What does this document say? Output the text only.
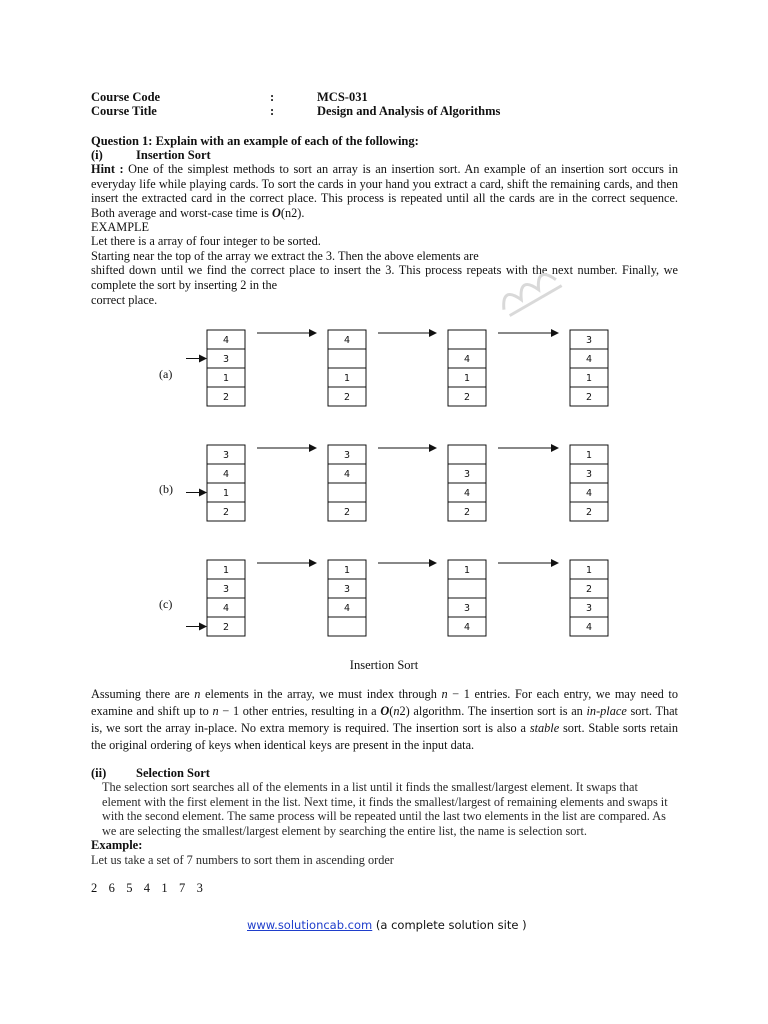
Course Code	:	MCS-031
Course Title	:	Design and Analysis of Algorithms
Question 1: Explain with an example of each of the following:
(i)	Insertion Sort
Hint : One of the simplest methods to sort an array is an insertion sort. An example of an insertion sort occurs in everyday life while playing cards. To sort the cards in your hand you extract a card, shift the remaining cards, and then insert the extracted card in the correct place. This process is repeated until all the cards are in the correct sequence. Both average and worst-case time is O(n2).
EXAMPLE
Let there is a array of four integer to be sorted.
Starting near the top of the array we extract the 3. Then the above elements are
shifted down until we find the correct place to insert the 3. This process repeats with the next number. Finally, we complete the sort by inserting 2 in the
correct place.
(a)
4
3
1
2
4
1
2
4
1
2
3
4
1
2
(b)
3
4
1
2
3
4
2
3
4
2
1
3
4
2
(c)
1
3
4
2
1
3
4
1
3
4
1
2
3
4
Insertion Sort
Assuming there are n elements in the array, we must index through n − 1 entries. For each entry, we may need to examine and shift up to n − 1 other entries, resulting in a O(n2) algorithm. The insertion sort is an in-place sort. That is, we sort the array in-place. No extra memory is required. The insertion sort is also a stable sort. Stable sorts retain the original ordering of keys when identical keys are present in the input data.
(ii) Selection Sort
The selection sort searches all of the elements in a list until it finds the smallest/largest element. It swaps that element with the first element in the list. Next time, it finds the smallest/largest of remaining elements and swaps it with the second element. The same process will be repeated until the last two elements in the list are compared. As we are selecting the smallest/largest element by searching the entire list, the name is selection sort.
Example:
Let us take a set of 7 numbers to sort them in ascending order
2 6 5 4 1 7 3
www.solutioncab.com (a complete solution site )
